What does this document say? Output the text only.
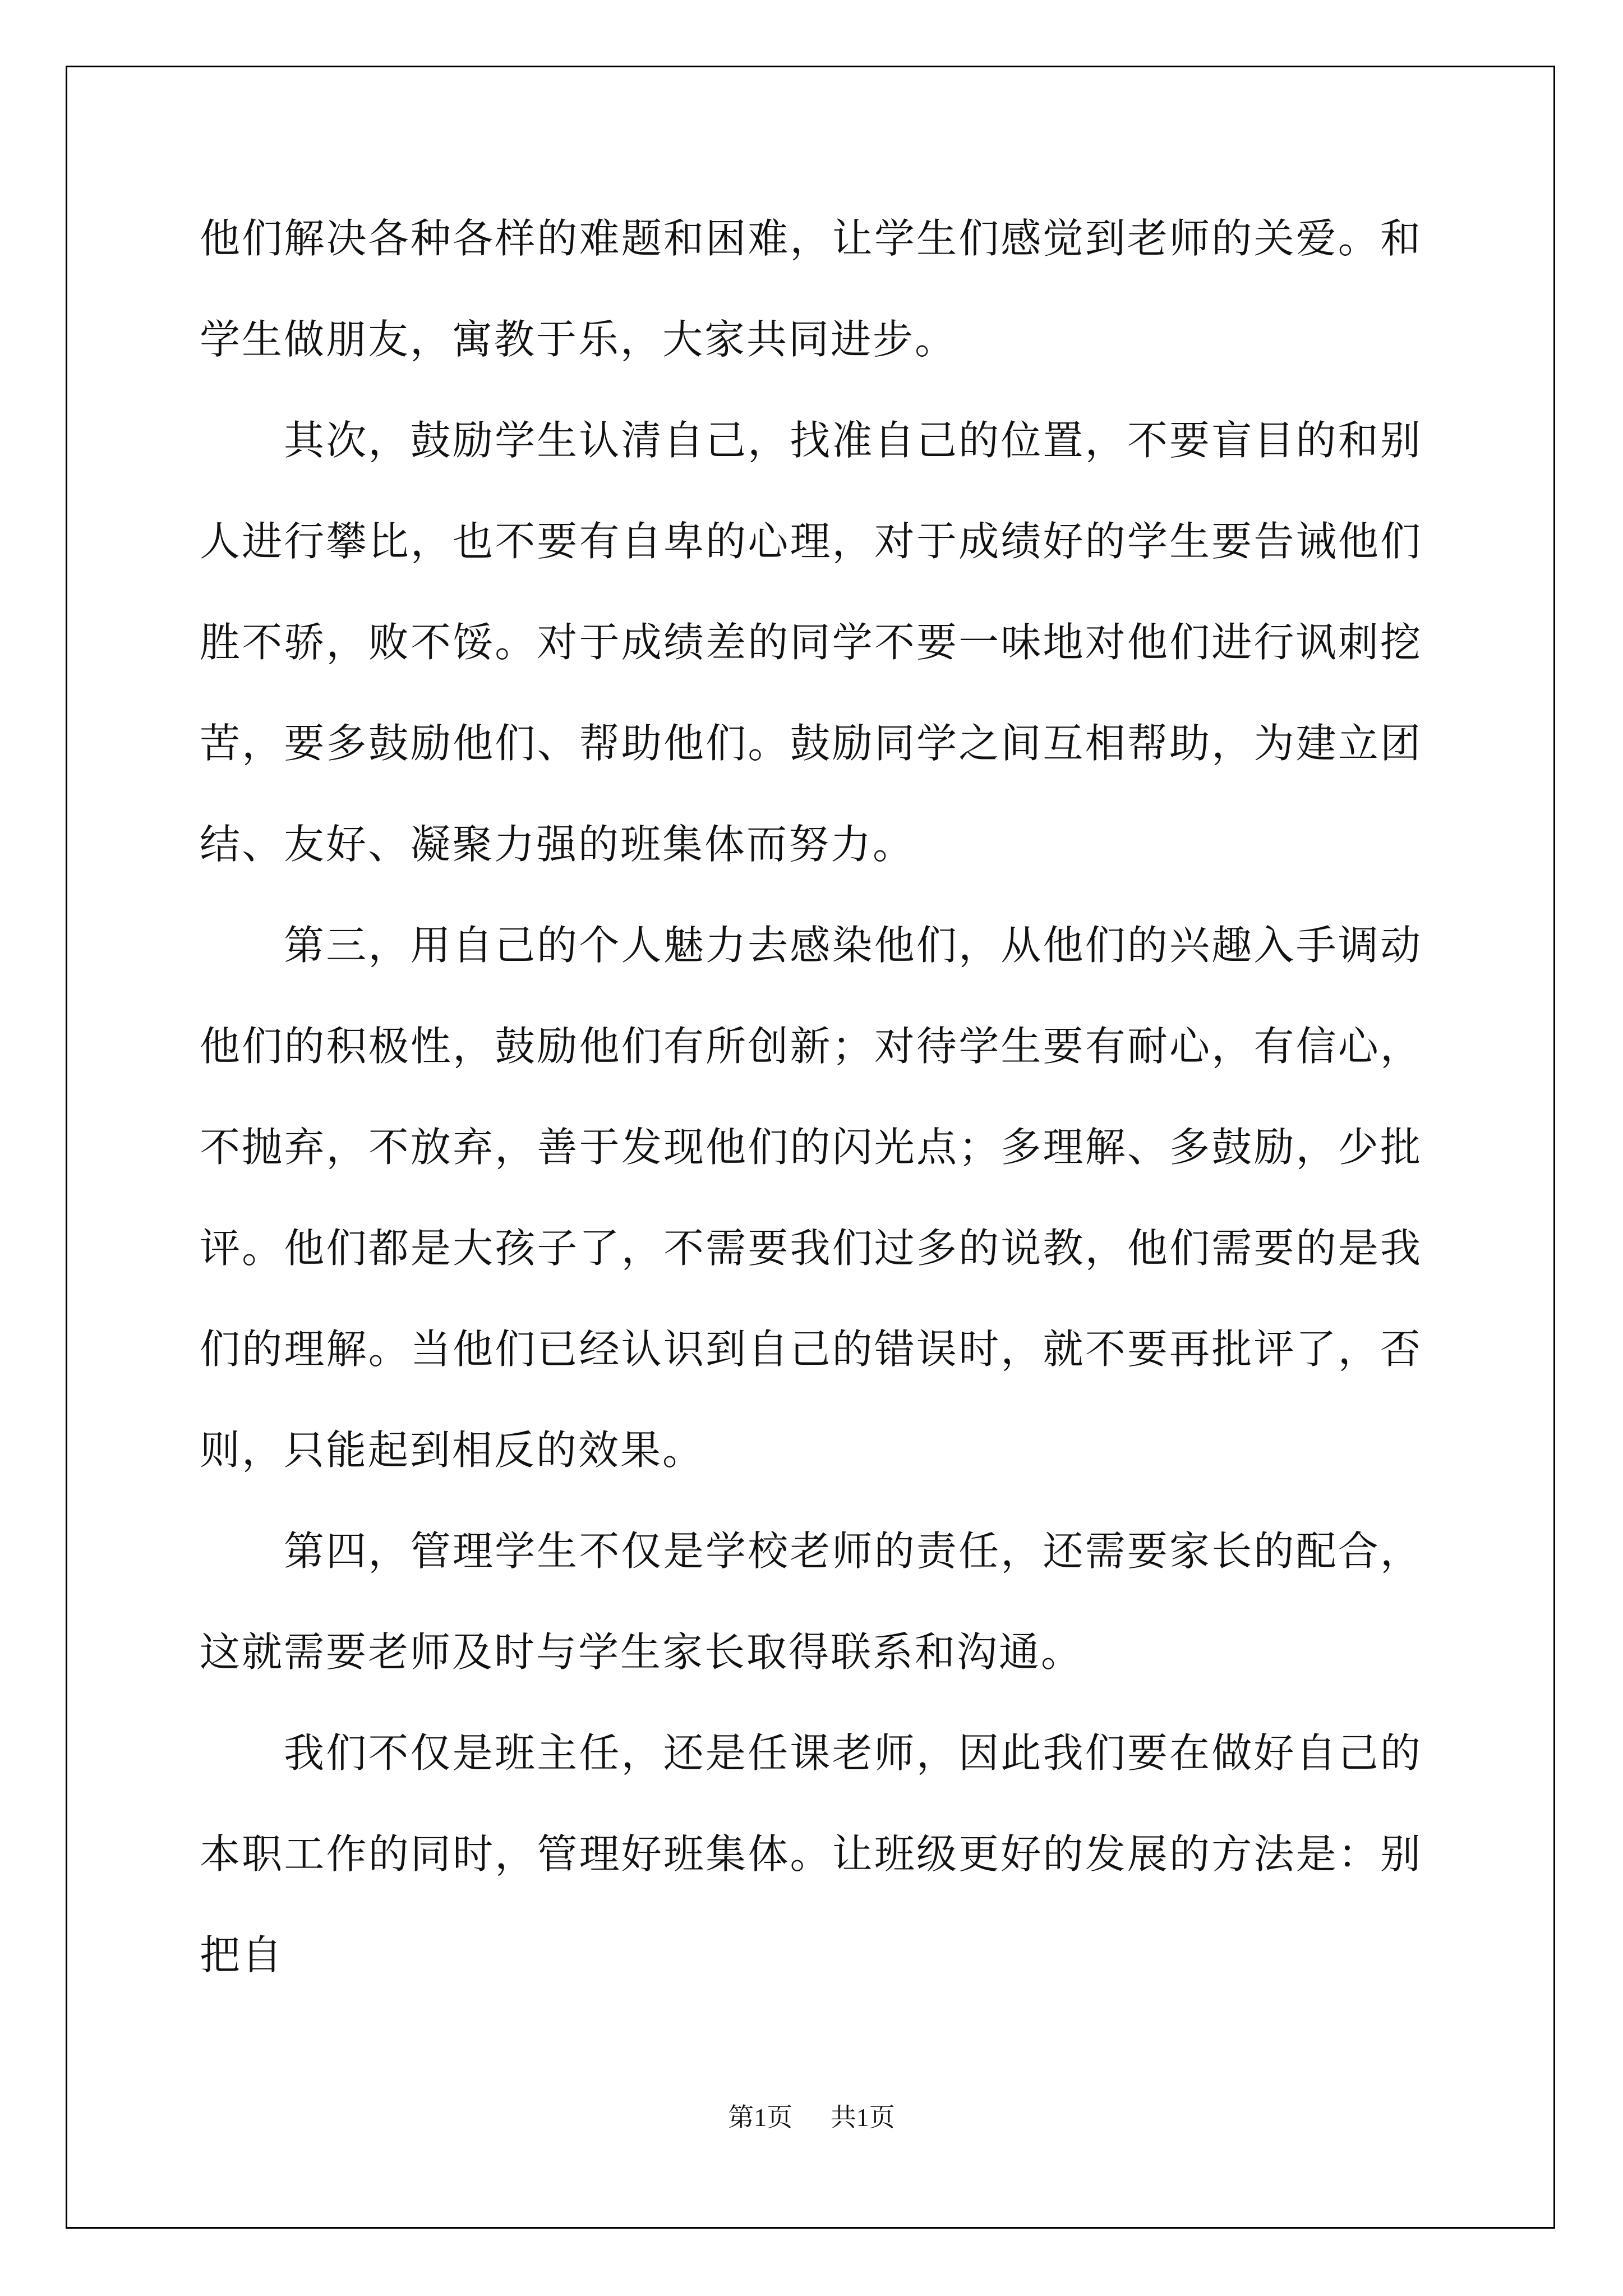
他们解决各种各样的难题和困难，让学生们感觉到老师的关爱。和学生做朋友，寓教于乐，大家共同进步。

其次，鼓励学生认清自己，找准自己的位置，不要盲目的和别人进行攀比，也不要有自卑的心理，对于成绩好的学生要告诫他们胜不骄，败不馁。对于成绩差的同学不要一味地对他们进行讽刺挖苦，要多鼓励他们、帮助他们。鼓励同学之间互相帮助，为建立团结、友好、凝聚力强的班集体而努力。

第三，用自己的个人魅力去感染他们，从他们的兴趣入手调动他们的积极性，鼓励他们有所创新；对待学生要有耐心，有信心，不抛弃，不放弃，善于发现他们的闪光点；多理解、多鼓励，少批评。他们都是大孩子了，不需要我们过多的说教，他们需要的是我们的理解。当他们已经认识到自己的错误时，就不要再批评了，否则，只能起到相反的效果。

第四，管理学生不仅是学校老师的责任，还需要家长的配合，这就需要老师及时与学生家长取得联系和沟通。

我们不仅是班主任，还是任课老师，因此我们要在做好自己的本职工作的同时，管理好班集体。让班级更好的发展的方法是：别把自

第1页 共1页
